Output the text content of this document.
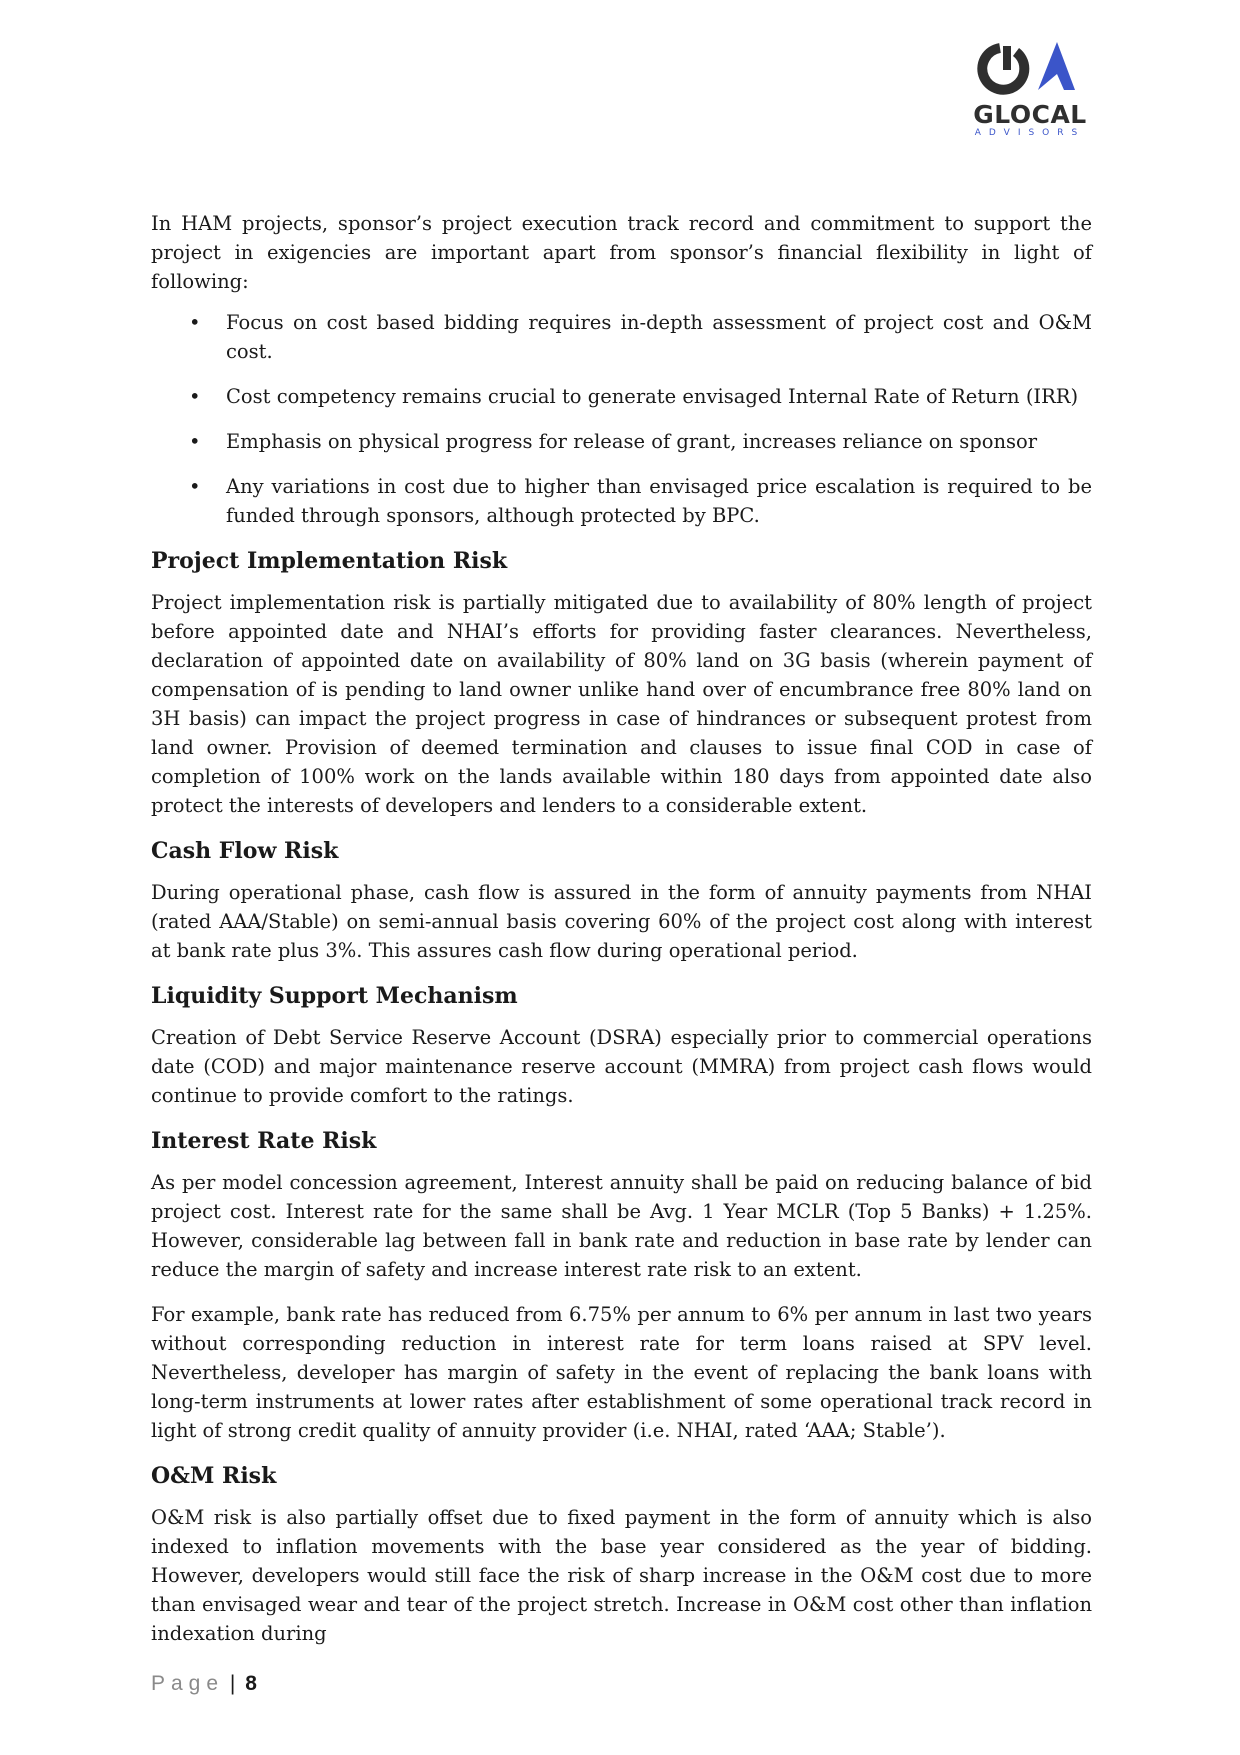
GLOCAL
ADVISORS

In HAM projects, sponsor’s project execution track record and commitment to support the project in exigencies are important apart from sponsor’s financial flexibility in light of following:

• Focus on cost based bidding requires in-depth assessment of project cost and O&M cost.
• Cost competency remains crucial to generate envisaged Internal Rate of Return (IRR)
• Emphasis on physical progress for release of grant, increases reliance on sponsor
• Any variations in cost due to higher than envisaged price escalation is required to be funded through sponsors, although protected by BPC.
Project Implementation Risk

Project implementation risk is partially mitigated due to availability of 80% length of project before appointed date and NHAI’s efforts for providing faster clearances. Nevertheless, declaration of appointed date on availability of 80% land on 3G basis (wherein payment of compensation of is pending to land owner unlike hand over of encumbrance free 80% land on 3H basis) can impact the project progress in case of hindrances or subsequent protest from land owner. Provision of deemed termination and clauses to issue final COD in case of completion of 100% work on the lands available within 180 days from appointed date also protect the interests of developers and lenders to a considerable extent.

Cash Flow Risk

During operational phase, cash flow is assured in the form of annuity payments from NHAI (rated AAA/Stable) on semi-annual basis covering 60% of the project cost along with interest at bank rate plus 3%. This assures cash flow during operational period.

Liquidity Support Mechanism

Creation of Debt Service Reserve Account (DSRA) especially prior to commercial operations date (COD) and major maintenance reserve account (MMRA) from project cash flows would continue to provide comfort to the ratings.

Interest Rate Risk

As per model concession agreement, Interest annuity shall be paid on reducing balance of bid project cost. Interest rate for the same shall be Avg. 1 Year MCLR (Top 5 Banks) + 1.25%. However, considerable lag between fall in bank rate and reduction in base rate by lender can reduce the margin of safety and increase interest rate risk to an extent.

For example, bank rate has reduced from 6.75% per annum to 6% per annum in last two years without corresponding reduction in interest rate for term loans raised at SPV level. Nevertheless, developer has margin of safety in the event of replacing the bank loans with long-term instruments at lower rates after establishment of some operational track record in light of strong credit quality of annuity provider (i.e. NHAI, rated ‘AAA; Stable’).

O&M Risk

O&M risk is also partially offset due to fixed payment in the form of annuity which is also indexed to inflation movements with the base year considered as the year of bidding. However, developers would still face the risk of sharp increase in the O&M cost due to more than envisaged wear and tear of the project stretch. Increase in O&M cost other than inflation indexation during

Page | 8
